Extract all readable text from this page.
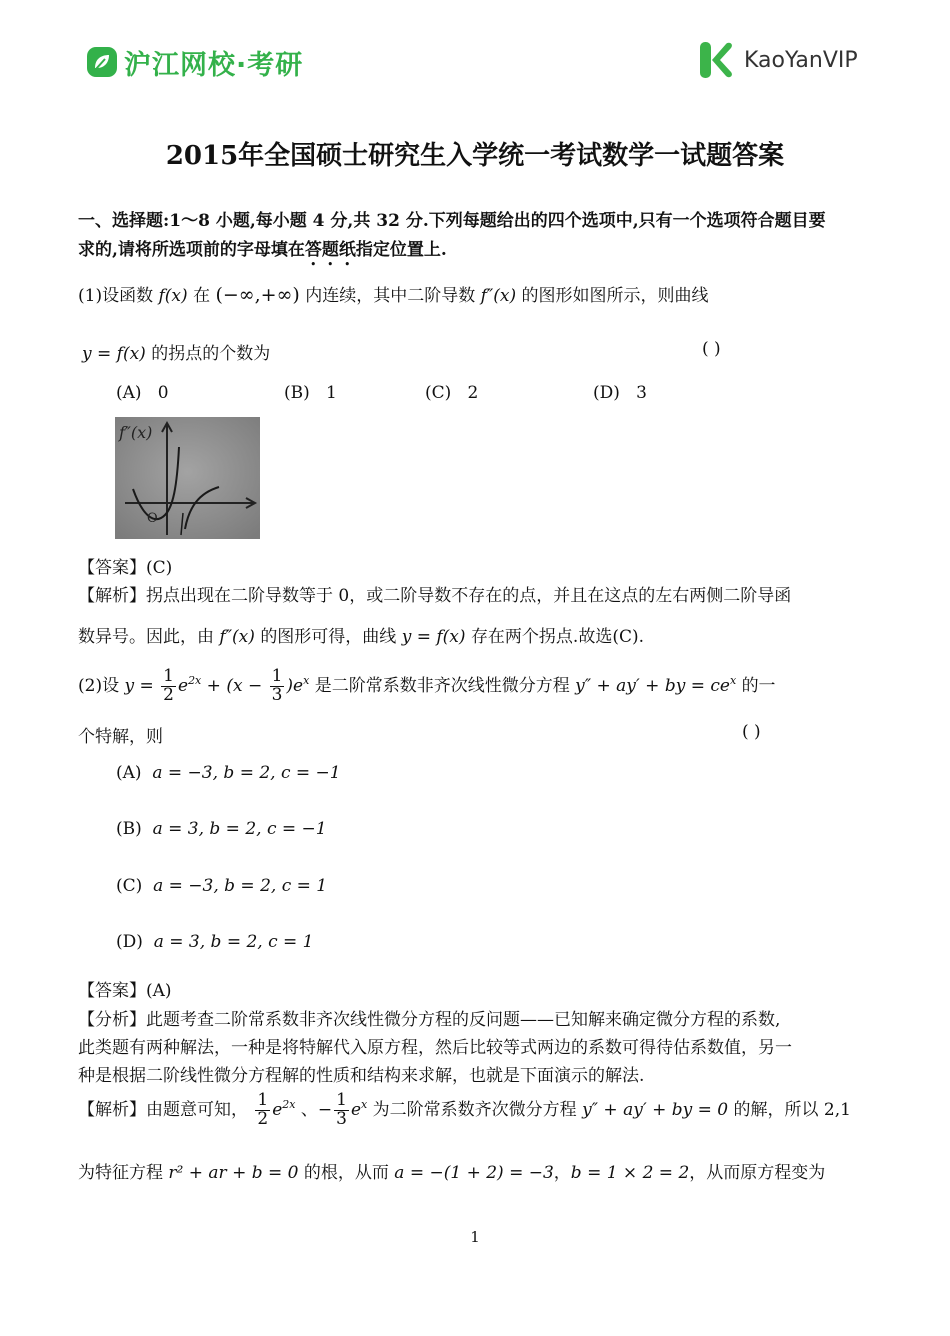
沪江网校·考研	KaoYanVIP
2015年全国硕士研究生入学统一考试数学一试题答案
一、选择题:1～8 小题,每小题 4 分,共 32 分.下列每题给出的四个选项中,只有一个选项符合题目要
求的,请将所选项前的字母填在答题纸指定位置上.
(1)设函数 f(x) 在 (−∞,+∞) 内连续，其中二阶导数 f″(x) 的图形如图所示，则曲线
y = f(x) 的拐点的个数为	( )
(A) 0	(B) 1	(C) 2	(D) 3
f″(x)
O
【答案】(C)
【解析】拐点出现在二阶导数等于 0，或二阶导数不存在的点，并且在这点的左右两侧二阶导函
数异号。因此，由 f″(x) 的图形可得，曲线 y = f(x) 存在两个拐点.故选(C).
(2)设 $y = \frac{1}{2} e^{2x} + (x - \frac{1}{3} )e^x$ 是二阶常系数非齐次线性微分方程 y″ + ay′ + by = $ce^x$ 的一
个特解，则	( )
(A) a = −3, b = 2, c = −1
(B) a = 3, b = 2, c = −1
(C) a = −3, b = 2, c = 1
(D) a = 3, b = 2, c = 1
【答案】(A)
【分析】此题考查二阶常系数非齐次线性微分方程的反问题——已知解来确定微分方程的系数,
此类题有两种解法，一种是将特解代入原方程，然后比较等式两边的系数可得待估系数值，另一
种是根据二阶线性微分方程解的性质和结构来求解，也就是下面演示的解法.
【解析】由题意可知， $\frac{1}{2} e^{2x}$ 、− $\frac{1}{3} e^x$ 为二阶常系数齐次微分方程 y″ + ay′ + by = 0 的解，所以 2,1
为特征方程 r² + ar + b = 0 的根，从而 a = −(1 + 2) = −3，b = 1 × 2 = 2，从而原方程变为
1
